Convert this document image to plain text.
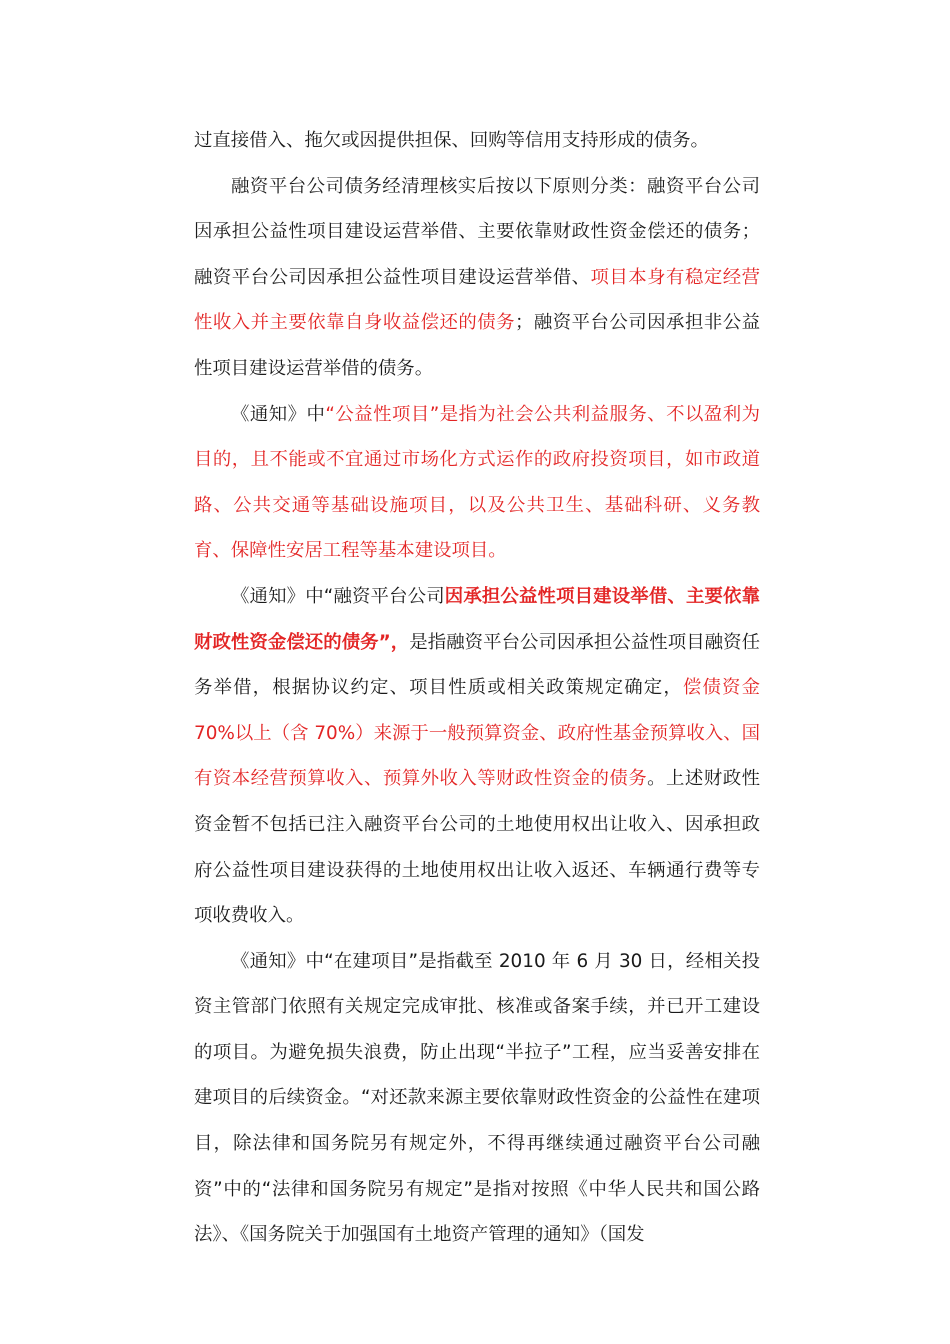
过直接借入、拖欠或因提供担保、回购等信用支持形成的债务。

融资平台公司债务经清理核实后按以下原则分类：融资平台公司因承担公益性项目建设运营举借、主要依靠财政性资金偿还的债务；融资平台公司因承担公益性项目建设运营举借、项目本身有稳定经营性收入并主要依靠自身收益偿还的债务；融资平台公司因承担非公益性项目建设运营举借的债务。

《通知》中“公益性项目”是指为社会公共利益服务、不以盈利为目的，且不能或不宜通过市场化方式运作的政府投资项目，如市政道路、公共交通等基础设施项目，以及公共卫生、基础科研、义务教育、保障性安居工程等基本建设项目。

《通知》中“融资平台公司因承担公益性项目建设举借、主要依靠财政性资金偿还的债务”，是指融资平台公司因承担公益性项目融资任务举借，根据协议约定、项目性质或相关政策规定确定，偿债资金 70%以上（含 70%）来源于一般预算资金、政府性基金预算收入、国有资本经营预算收入、预算外收入等财政性资金的债务。上述财政性资金暂不包括已注入融资平台公司的土地使用权出让收入、因承担政府公益性项目建设获得的土地使用权出让收入返还、车辆通行费等专项收费收入。

《通知》中“在建项目”是指截至 2010 年 6 月 30 日，经相关投资主管部门依照有关规定完成审批、核准或备案手续，并已开工建设的项目。为避免损失浪费，防止出现“半拉子”工程，应当妥善安排在建项目的后续资金。“对还款来源主要依靠财政性资金的公益性在建项目，除法律和国务院另有规定外，不得再继续通过融资平台公司融资”中的“法律和国务院另有规定”是指对按照《中华人民共和国公路法》、《国务院关于加强国有土地资产管理的通知》（国发
